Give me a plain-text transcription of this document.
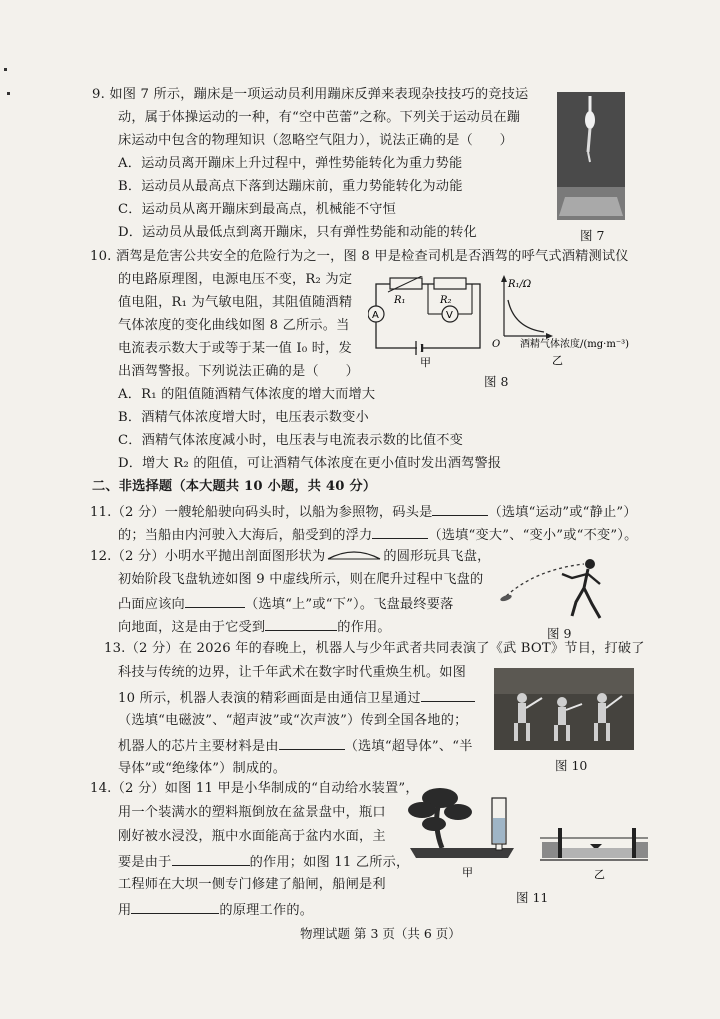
9. 如图 7 所示，蹦床是一项运动员利用蹦床反弹来表现杂技技巧的竞技运
动，属于体操运动的一种，有“空中芭蕾”之称。下列关于运动员在蹦
床运动中包含的物理知识（忽略空气阻力），说法正确的是（　　）
A．运动员离开蹦床上升过程中，弹性势能转化为重力势能
B．运动员从最高点下落到达蹦床前，重力势能转化为动能
C．运动员从离开蹦床到最高点，机械能不守恒
D．运动员从最低点到离开蹦床，只有弹性势能和动能的转化	图 7
10. 酒驾是危害公共安全的危险行为之一，图 8 甲是检查司机是否酒驾的呼气式酒精测试仪
的电路原理图，电源电压不变，R₂ 为定
值电阻，R₁ 为气敏电阻，其阻值随酒精
气体浓度的变化曲线如图 8 乙所示。当
电流表示数大于或等于某一值 I₀ 时，发
出酒驾警报。下列说法正确的是（　　）
A．R₁ 的阻值随酒精气体浓度的增大而增大
B．酒精气体浓度增大时，电压表示数变小
C．酒精气体浓度减小时，电压表与电流表示数的比值不变
D．增大 R₂ 的阻值，可让酒精气体浓度在更小值时发出酒驾警报
R₁	R₂
A	V
甲
R₁/Ω
O 酒精气体浓度/(mg·m⁻³)
乙
图 8
二、非选择题（本大题共 10 小题，共 40 分）
11.（2 分）一艘轮船驶向码头时，以船为参照物，码头是	（选填“运动”或“静止”）
的；当船由内河驶入大海后，船受到的浮力	（选填“变大”、“变小”或“不变”）。
12.（2 分）小明水平抛出剖面图形状为	的圆形玩具飞盘，
初始阶段飞盘轨迹如图 9 中虚线所示，则在爬升过程中飞盘的
凸面应该向	（选填“上”或“下”）。飞盘最终要落
向地面，这是由于它受到	的作用。	图 9
13.（2 分）在 2026 年的春晚上，机器人与少年武者共同表演了《武 BOT》节目，打破了
科技与传统的边界，让千年武术在数字时代重焕生机。如图
10 所示，机器人表演的精彩画面是由通信卫星通过
（选填“电磁波”、“超声波”或“次声波”）传到全国各地的；
机器人的芯片主要材料是由	（选填“超导体”、“半
导体”或“绝缘体”）制成的。	图 10
14.（2 分）如图 11 甲是小华制成的“自动给水装置”，
用一个装满水的塑料瓶倒放在盆景盘中，瓶口
刚好被水浸没，瓶中水面能高于盆内水面，主
要是由于	的作用；如图 11 乙所示，
工程师在大坝一侧专门修建了船闸，船闸是利
用	的原理工作的。
甲	乙
图 11
物理试题 第 3 页（共 6 页）
